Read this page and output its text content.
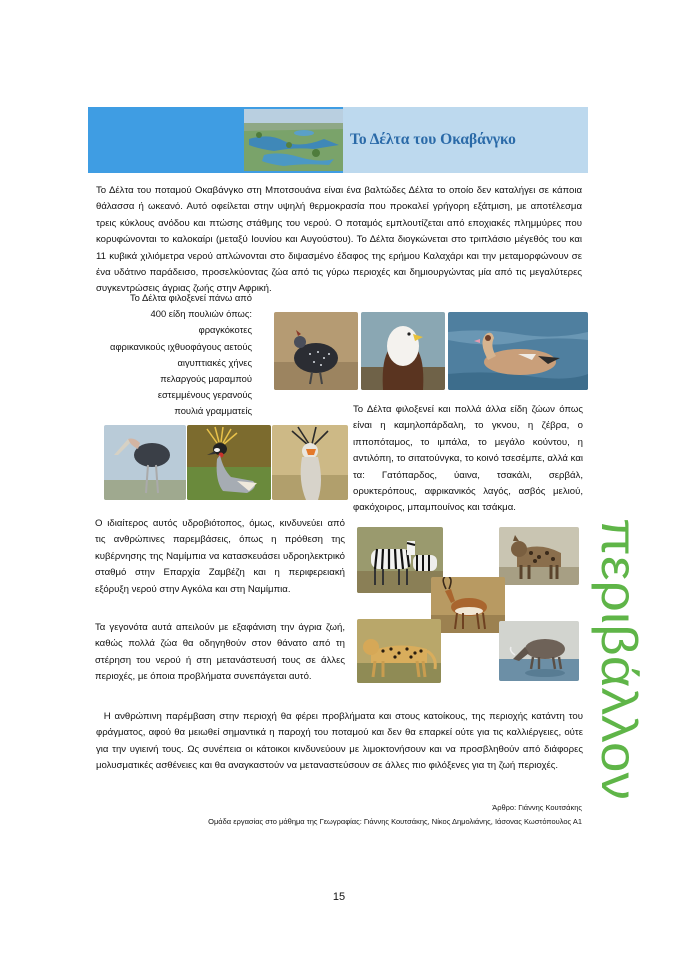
Το Δέλτα του Οκαβάνγκο
Το Δέλτα του ποταμού Οκαβάνγκο στη Μποτσουάνα είναι ένα βαλτώδες Δέλτα το οποίο δεν καταλήγει σε κάποια θάλασσα ή ωκεανό. Αυτό οφείλεται στην υψηλή θερμοκρασία που προκαλεί γρήγορη εξάτμιση, με αποτέλεσμα τρεις κύκλους ανόδου και πτώσης στάθμης του νερού. Ο ποταμός εμπλουτίζεται από εποχιακές πλημμύρες που κορυφώνονται το καλοκαίρι (μεταξύ Ιουνίου και Αυγούστου). Το Δέλτα διογκώνεται στο τριπλάσιο μέγεθός του και 11 κυβικά χιλιόμετρα νερού απλώνονται στο διψασμένο έδαφος της ερήμου Καλαχάρι και την μεταμορφώνουν σε ένα υδάτινο παράδεισο, προσελκύοντας ζώα από τις γύρω περιοχές και δημιουργώντας μία από τις μεγαλύτερες συγκεντρώσεις άγριας ζωής στην Αφρική.
Το Δέλτα φιλοξενεί πάνω από
400 είδη πουλιών όπως:
φραγκόκοτες
αφρικανικούς ιχθυοφάγους αετούς
αιγυπτιακές χήνες
πελαργούς μαραμπού
εστεμμένους γερανούς
πουλιά γραμματείς	Το Δέλτα φιλοξενεί και πολλά άλλα είδη ζώων όπως είναι η καμηλοπάρδαλη, το γκνου, η ζέβρα, ο ιπποπόταμος, το ιμπάλα, το μεγάλο κούντου, η αντιλόπη, το σιτατούνγκα, το κοινό τσεσέμπε, αλλά και τα: Γατόπαρδος, ύαινα, τσακάλι, σερβάλ, ορυκτερόπους, αφρικανικός λαγός, ασβός μελιού, φακόχοιρος, μπαμπουίνος και τσάκμα.
Ο ιδιαίτερος αυτός υδροβιότοπος, όμως, κινδυνεύει από τις ανθρώπινες παρεμβάσεις, όπως η πρόθεση της κυβέρνησης της Ναμίμπια να κατασκευάσει υδροηλεκτρικό σταθμό στην Επαρχία Ζαμβέζη και η περιφερειακή εξόρυξη νερού στην Αγκόλα και στη Ναμίμπια.
Τα γεγονότα αυτά απειλούν με εξαφάνιση την άγρια ζωή, καθώς πολλά ζώα θα οδηγηθούν στον θάνατο από τη στέρηση του νερού ή στη μετανάστευσή τους σε άλλες περιοχές, με όποια προβλήματα συνεπάγεται αυτό.
Η ανθρώπινη παρέμβαση στην περιοχή θα φέρει προβλήματα και στους κατοίκους, της περιοχής κατάντη του φράγματος, αφού θα μειωθεί σημαντικά η παροχή του ποταμού και δεν θα επαρκεί ούτε για τις καλλιέργειες, ούτε για την υγιεινή τους. Ως συνέπεια οι κάτοικοι κινδυνεύουν με λιμοκτονήσουν και να προσβληθούν από διάφορες μολυσματικές ασθένειες και θα αναγκαστούν να μεταναστεύσουν σε άλλες πιο φιλόξενες για τη ζωή περιοχές.
Άρθρο: Γιάννης Κουτσάκης
Ομάδα εργασίας στο μάθημα της Γεωγραφίας: Γιάννης Κουτσάκης, Νίκος Δημολιάνης, Ιάσονας Κωστόπουλος Α1
περιβάλλον
15
